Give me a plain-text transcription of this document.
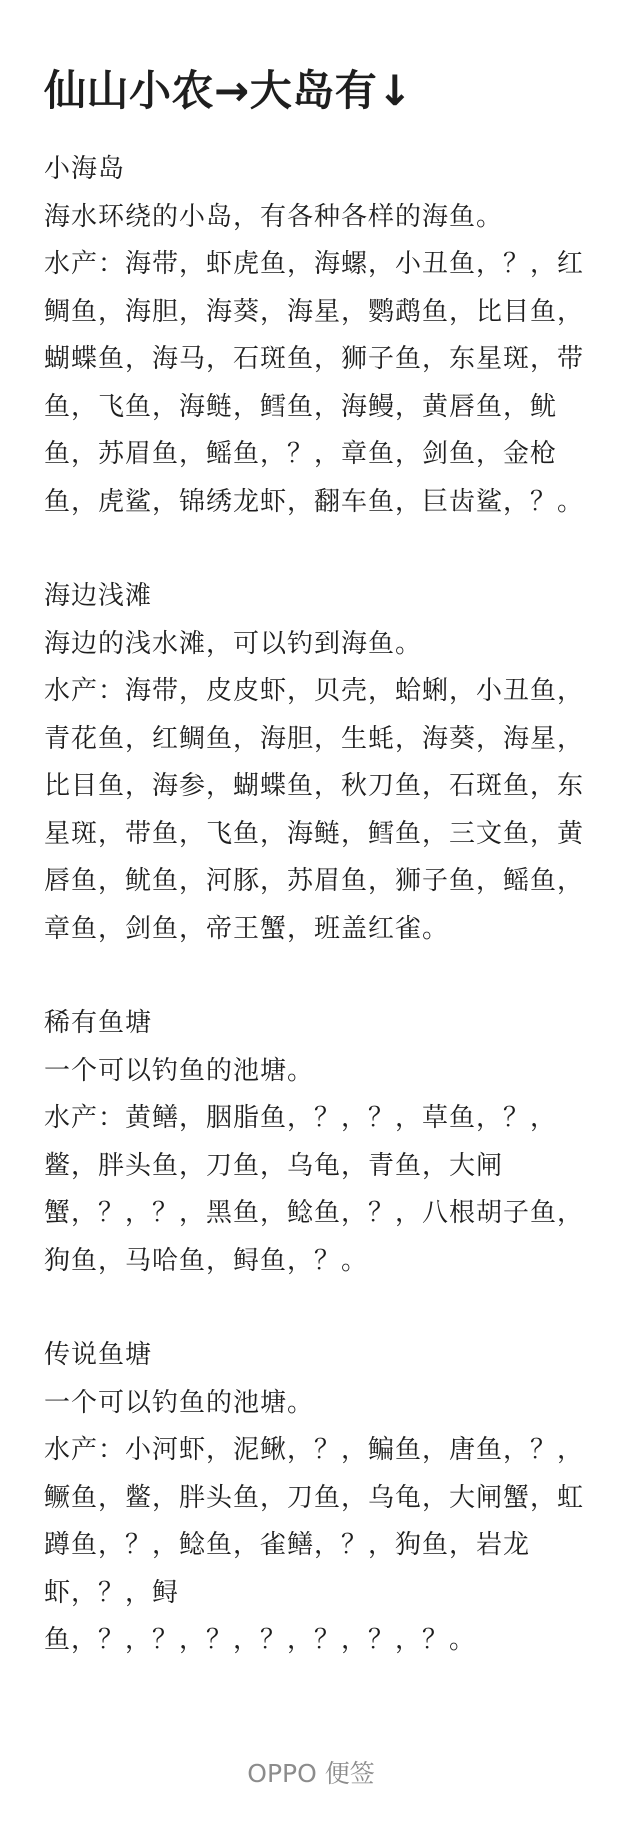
仙山小农→大岛有↓

小海岛

海水环绕的小岛，有各种各样的海鱼。

水产：海带，虾虎鱼，海螺，小丑鱼，？，红鲷鱼，海胆，海葵，海星，鹦鹉鱼，比目鱼，蝴蝶鱼，海马，石斑鱼，狮子鱼，东星斑，带鱼，飞鱼，海鲢，鳕鱼，海鳗，黄唇鱼，鱿鱼，苏眉鱼，鳐鱼，？，章鱼，剑鱼，金枪鱼，虎鲨，锦绣龙虾，翻车鱼，巨齿鲨，？。

海边浅滩

海边的浅水滩，可以钓到海鱼。

水产：海带，皮皮虾，贝壳，蛤蜊，小丑鱼，青花鱼，红鲷鱼，海胆，生蚝，海葵，海星，比目鱼，海参，蝴蝶鱼，秋刀鱼，石斑鱼，东星斑，带鱼，飞鱼，海鲢，鳕鱼，三文鱼，黄唇鱼，鱿鱼，河豚，苏眉鱼，狮子鱼，鳐鱼，章鱼，剑鱼，帝王蟹，班盖红雀。

稀有鱼塘

一个可以钓鱼的池塘。

水产：黄鳝，胭脂鱼，？，？，草鱼，？，鳖，胖头鱼，刀鱼，乌龟，青鱼，大闸蟹，？，？，黑鱼，鲶鱼，？，八根胡子鱼，狗鱼，马哈鱼，鲟鱼，？。

传说鱼塘

一个可以钓鱼的池塘。

水产：小河虾，泥鳅，？，鳊鱼，唐鱼，？，鳜鱼，鳖，胖头鱼，刀鱼，乌龟，大闸蟹，虹蹲鱼，？，鲶鱼，雀鳝，？，狗鱼，岩龙虾，？，鲟鱼，？，？，？，？，？，？，？。

OPPO 便签
